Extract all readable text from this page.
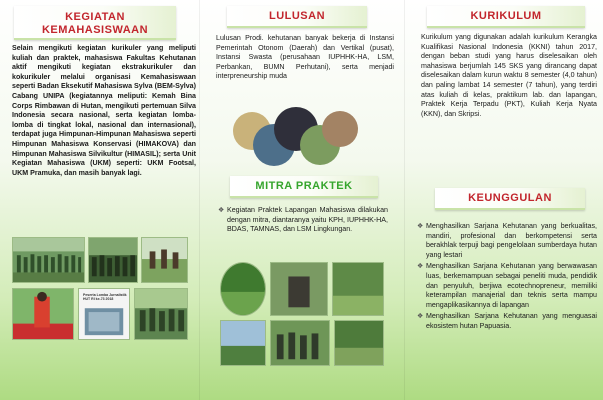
KEGIATAN
KEMAHASISWAAN
Selain mengikuti kegiatan kurikuler yang meliputi kuliah dan praktek, mahasiswa Fakultas Kehutanan aktif mengikuti kegiatan ekstrakurikuler dan kokurikuler melalui organisasi Kemahasiswaan seperti Badan Eksekutif Mahasiswa Sylva (BEM-Sylva) Cabang UNIPA (kegiatannya meliputi: Kemah Bina Corps Rimbawan di Hutan, mengikuti pertemuan Silva Indonesia secara nasional, serta kegiatan lomba-lomba di tingkat lokal, nasional dan internasional), terdapat juga Himpunan-Himpunan Mahasiswa seperti Himpunan Mahasiswa Konservasi (HIMAKOVA) dan Himpunan Mahasiswa Silvikultur (HIMASIL); serta Unit Kegiatan Mahasiswa (UKM) seperti: UKM Footsal, UKM Pramuka, dan masih banyak lagi.
Peserta Lomba Jurnalistik
HUT RI ke-73 2018
LULUSAN
Lulusan Prodi. kehutanan banyak bekerja di Instansi Pemerintah Otonom (Daerah) dan Vertikal (pusat), Instansi Swasta (perusahaan IUPHHK-HA, LSM, Perbankan, BUMN Perhutani), serta menjadi interpreneurship muda
MITRA PRAKTEK
❖ Kegiatan Praktek Lapangan Mahasiswa dilakukan dengan mitra, diantaranya yaitu KPH, IUPHHK-HA, BDAS, TAMNAS, dan LSM Lingkungan.
KURIKULUM
Kurikulum yang digunakan adalah kurikulum Kerangka Kualifikasi Nasional Indonesia (KKNI) tahun 2017, dengan beban studi yang harus diselesaikan oleh mahasiswa berjumlah 145 SKS yang dirancang dapat diselesaikan dalam kurun waktu 8 semester (4,0 tahun) dan paling lambat 14 semester (7 tahun), yang terdiri atas kuliah di kelas, praktikum lab. dan lapangan, Praktek Kerja Terpadu (PKT), Kuliah Kerja Nyata (KKN), dan Skripsi.
KEUNGGULAN
❖ Menghasilkan Sarjana Kehutanan yang berkualitas, mandiri, profesional dan berkompetensi serta berakhlak terpuji bagi pengelolaan sumberdaya hutan yang lestari
❖ Menghasilkan Sarjana Kehutanan yang berwawasan luas, berkemampuan sebagai peneliti muda, pendidik dan penyuluh, berjiwa ecotechnopreneur, memiliki keterampilan manajerial dan teknis serta mampu mengaplikasikannya di lapangan
❖ Menghasilkan Sarjana Kehutanan yang menguasai ekosistem hutan Papuasia.
